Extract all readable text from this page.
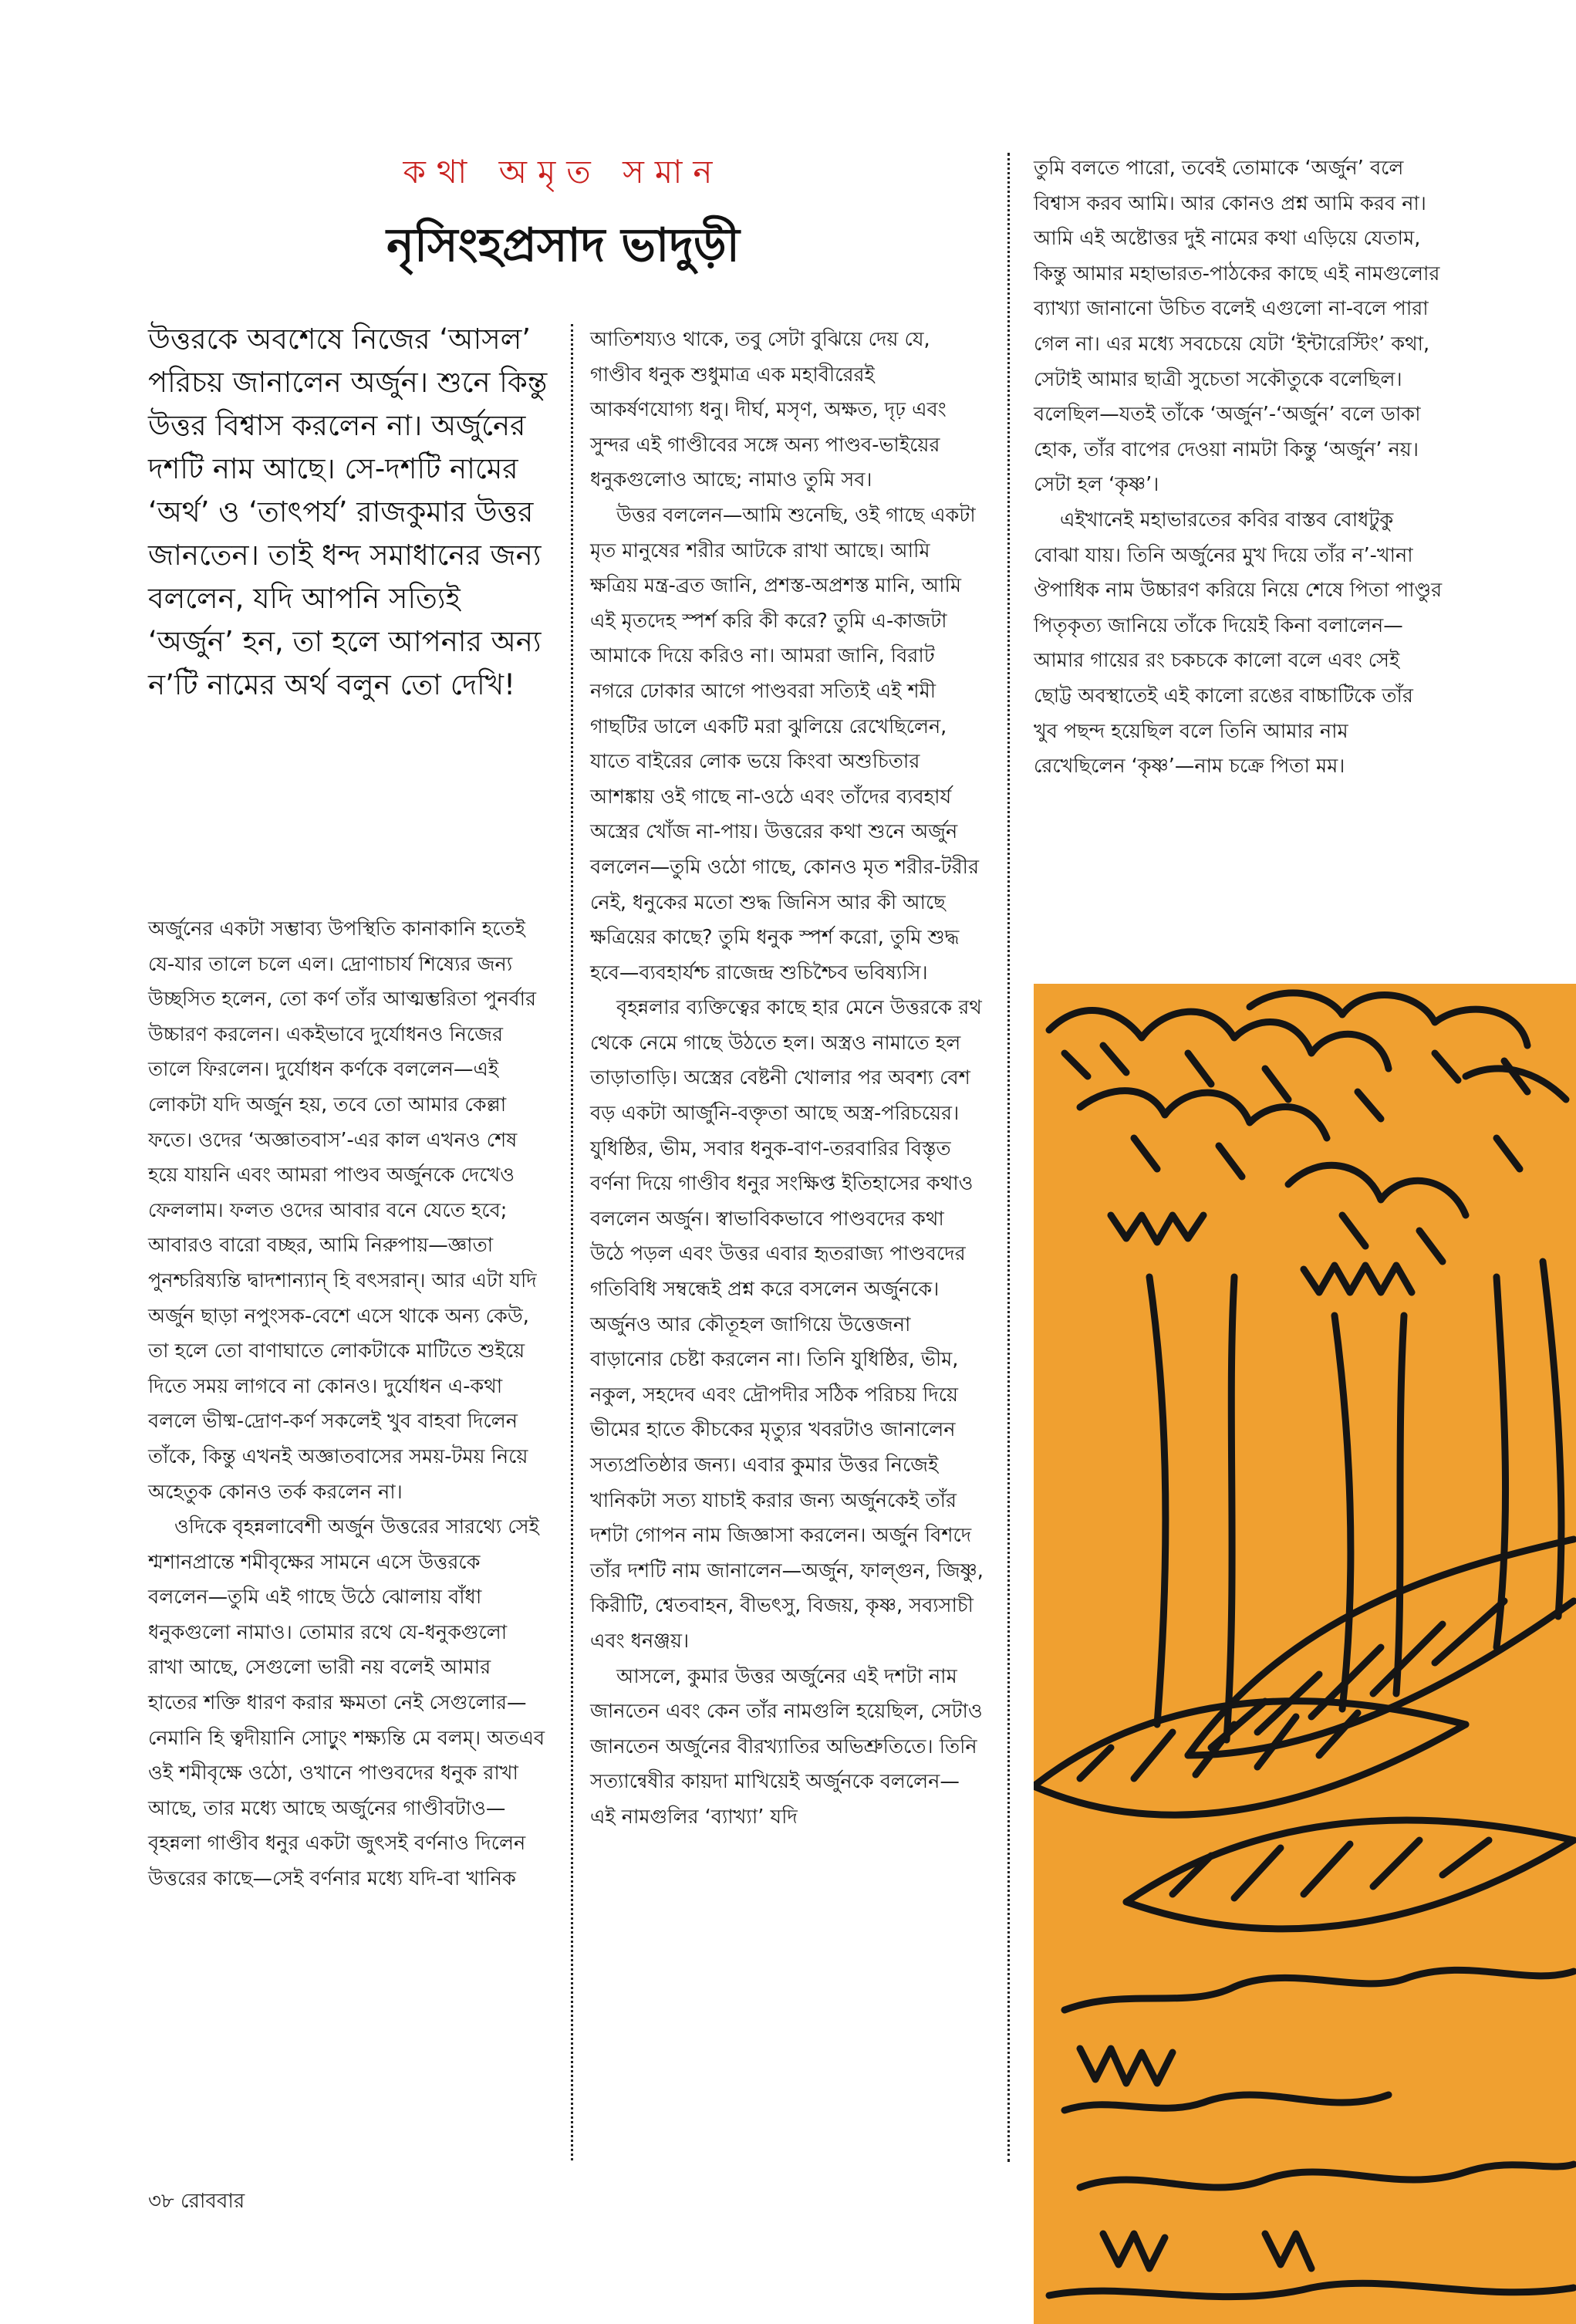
কথা অমৃত সমান
নৃসিংহপ্রসাদ ভাদুড়ী
উত্তরকে অবশেষে নিজের ‘আসল’ পরিচয় জানালেন অর্জুন। শুনে কিন্তু উত্তর বিশ্বাস করলেন না। অর্জুনের দশটি নাম আছে। সে-দশটি নামের ‘অর্থ’ ও ‘তাৎপর্য’ রাজকুমার উত্তর জানতেন। তাই ধন্দ সমাধানের জন্য বললেন, যদি আপনি সত্যিই ‘অর্জুন’ হন, তা হলে আপনার অন্য ন’টি নামের অর্থ বলুন তো দেখি!

অর্জুনের একটা সম্ভাব্য উপস্থিতি কানাকানি হতেই যে-যার তালে চলে এল। দ্রোণাচার্য শিষ্যের জন্য উচ্ছসিত হলেন, তো কর্ণ তাঁর আত্মম্ভরিতা পুনর্বার উচ্চারণ করলেন। একইভাবে দুর্যোধনও নিজের তালে ফিরলেন। দুর্যোধন কর্ণকে বললেন—এই লোকটা যদি অর্জুন হয়, তবে তো আমার কেল্লা ফতে। ওদের ‘অজ্ঞাতবাস’-এর কাল এখনও শেষ হয়ে যায়নি এবং আমরা পাণ্ডব অর্জুনকে দেখেও ফেললাম। ফলত ওদের আবার বনে যেতে হবে; আবারও বারো বচ্ছর, আমি নিরুপায়—জ্ঞাতা পুনশ্চরিষ্যন্তি দ্বাদশান্যান্‌ হি বৎসরান্‌। আর এটা যদি অর্জুন ছাড়া নপুংসক-বেশে এসে থাকে অন্য কেউ, তা হলে তো বাণাঘাতে লোকটাকে মাটিতে শুইয়ে দিতে সময় লাগবে না কোনও। দুর্যোধন এ-কথা বললে ভীষ্ম-দ্রোণ-কর্ণ সকলেই খুব বাহবা দিলেন তাঁকে, কিন্তু এখনই অজ্ঞাতবাসের সময়-টময় নিয়ে অহেতুক কোনও তর্ক করলেন না।

ওদিকে বৃহন্নলাবেশী অর্জুন উত্তরের সারথ্যে সেই শ্মশানপ্রান্তে শমীবৃক্ষের সামনে এসে উত্তরকে বললেন—তুমি এই গাছে উঠে ঝোলায় বাঁধা ধনুকগুলো নামাও। তোমার রথে যে-ধনুকগুলো রাখা আছে, সেগুলো ভারী নয় বলেই আমার হাতের শক্তি ধারণ করার ক্ষমতা নেই সেগুলোর—নেমানি হি ত্বদীয়ানি সোঢ়ুং শক্ষ্যন্তি মে বলম্‌। অতএব ওই শমীবৃক্ষে ওঠো, ওখানে পাণ্ডবদের ধনুক রাখা আছে, তার মধ্যে আছে অর্জুনের গাণ্ডীবটাও—বৃহন্নলা গাণ্ডীব ধনুর একটা জুৎসই বর্ণনাও দিলেন উত্তরের কাছে—সেই বর্ণনার মধ্যে যদি-বা খানিক

আতিশয্যও থাকে, তবু সেটা বুঝিয়ে দেয় যে, গাণ্ডীব ধনুক শুধুমাত্র এক মহাবীরেরই আকর্ষণযোগ্য ধনু। দীর্ঘ, মসৃণ, অক্ষত, দৃঢ় এবং সুন্দর এই গাণ্ডীবের সঙ্গে অন্য পাণ্ডব-ভাইয়ের ধনুকগুলোও আছে; নামাও তুমি সব।

উত্তর বললেন—আমি শুনেছি, ওই গাছে একটা মৃত মানুষের শরীর আটকে রাখা আছে। আমি ক্ষত্রিয় মন্ত্র-ব্রত জানি, প্রশস্ত-অপ্রশস্ত মানি, আমি এই মৃতদেহ স্পর্শ করি কী করে? তুমি এ-কাজটা আমাকে দিয়ে করিও না। আমরা জানি, বিরাট নগরে ঢোকার আগে পাণ্ডবরা সত্যিই এই শমী গাছটির ডালে একটি মরা ঝুলিয়ে রেখেছিলেন, যাতে বাইরের লোক ভয়ে কিংবা অশুচিতার আশঙ্কায় ওই গাছে না-ওঠে এবং তাঁদের ব্যবহার্য অস্ত্রের খোঁজ না-পায়। উত্তরের কথা শুনে অর্জুন বললেন—তুমি ওঠো গাছে, কোনও মৃত শরীর-টরীর নেই, ধনুকের মতো শুদ্ধ জিনিস আর কী আছে ক্ষত্রিয়ের কাছে? তুমি ধনুক স্পর্শ করো, তুমি শুদ্ধ হবে—ব্যবহার্যশ্চ রাজেন্দ্র শুচিশ্চৈব ভবিষ্যসি।

বৃহন্নলার ব্যক্তিত্বের কাছে হার মেনে উত্তরকে রথ থেকে নেমে গাছে উঠতে হল। অস্ত্রও নামাতে হল তাড়াতাড়ি। অস্ত্রের বেষ্টনী খোলার পর অবশ্য বেশ বড় একটা আর্জুনি-বক্তৃতা আছে অস্ত্র-পরিচয়ের। যুধিষ্ঠির, ভীম, সবার ধনুক-বাণ-তরবারির বিস্তৃত বর্ণনা দিয়ে গাণ্ডীব ধনুর সংক্ষিপ্ত ইতিহাসের কথাও বললেন অর্জুন। স্বাভাবিকভাবে পাণ্ডবদের কথা উঠে পড়ল এবং উত্তর এবার হৃতরাজ্য পাণ্ডবদের গতিবিধি সম্বন্ধেই প্রশ্ন করে বসলেন অর্জুনকে। অর্জুনও আর কৌতূহল জাগিয়ে উত্তেজনা বাড়ানোর চেষ্টা করলেন না। তিনি যুধিষ্ঠির, ভীম, নকুল, সহদেব এবং দ্রৌপদীর সঠিক পরিচয় দিয়ে ভীমের হাতে কীচকের মৃত্যুর খবরটাও জানালেন সত্যপ্রতিষ্ঠার জন্য। এবার কুমার উত্তর নিজেই খানিকটা সত্য যাচাই করার জন্য অর্জুনকেই তাঁর দশটা গোপন নাম জিজ্ঞাসা করলেন। অর্জুন বিশদে তাঁর দশটি নাম জানালেন—অর্জুন, ফাল্গুন, জিষ্ণু, কিরীটি, শ্বেতবাহন, বীভৎসু, বিজয়, কৃষ্ণ, সব্যসাচী এবং ধনঞ্জয়।

আসলে, কুমার উত্তর অর্জুনের এই দশটা নাম জানতেন এবং কেন তাঁর নামগুলি হয়েছিল, সেটাও জানতেন অর্জুনের বীরখ্যাতির অভিশ্রুতিতে। তিনি সত্যান্বেষীর কায়দা মাখিয়েই অর্জুনকে বললেন—এই নামগুলির ‘ব্যাখ্যা’ যদি

তুমি বলতে পারো, তবেই তোমাকে ‘অর্জুন’ বলে বিশ্বাস করব আমি। আর কোনও প্রশ্ন আমি করব না। আমি এই অষ্টোত্তর দুই নামের কথা এড়িয়ে যেতাম, কিন্তু আমার মহাভারত-পাঠকের কাছে এই নামগুলোর ব্যাখ্যা জানানো উচিত বলেই এগুলো না-বলে পারা গেল না। এর মধ্যে সবচেয়ে যেটা ‘ইন্টারেস্টিং’ কথা, সেটাই আমার ছাত্রী সুচেতা সকৌতুকে বলেছিল। বলেছিল—যতই তাঁকে ‘অর্জুন’-‘অর্জুন’ বলে ডাকা হোক, তাঁর বাপের দেওয়া নামটা কিন্তু ‘অর্জুন’ নয়। সেটা হল ‘কৃষ্ণ’।

এইখানেই মহাভারতের কবির বাস্তব বোধটুকু বোঝা যায়। তিনি অর্জুনের মুখ দিয়ে তাঁর ন’-খানা ঔপাধিক নাম উচ্চারণ করিয়ে নিয়ে শেষে পিতা পাণ্ডুর পিতৃকৃত্য জানিয়ে তাঁকে দিয়েই কিনা বলালেন—আমার গায়ের রং চকচকে কালো বলে এবং সেই ছোট্ট অবস্থাতেই এই কালো রঙের বাচ্চাটিকে তাঁর খুব পছন্দ হয়েছিল বলে তিনি আমার নাম রেখেছিলেন ‘কৃষ্ণ’—নাম চক্রে পিতা মম।

৩৮ রোববার
